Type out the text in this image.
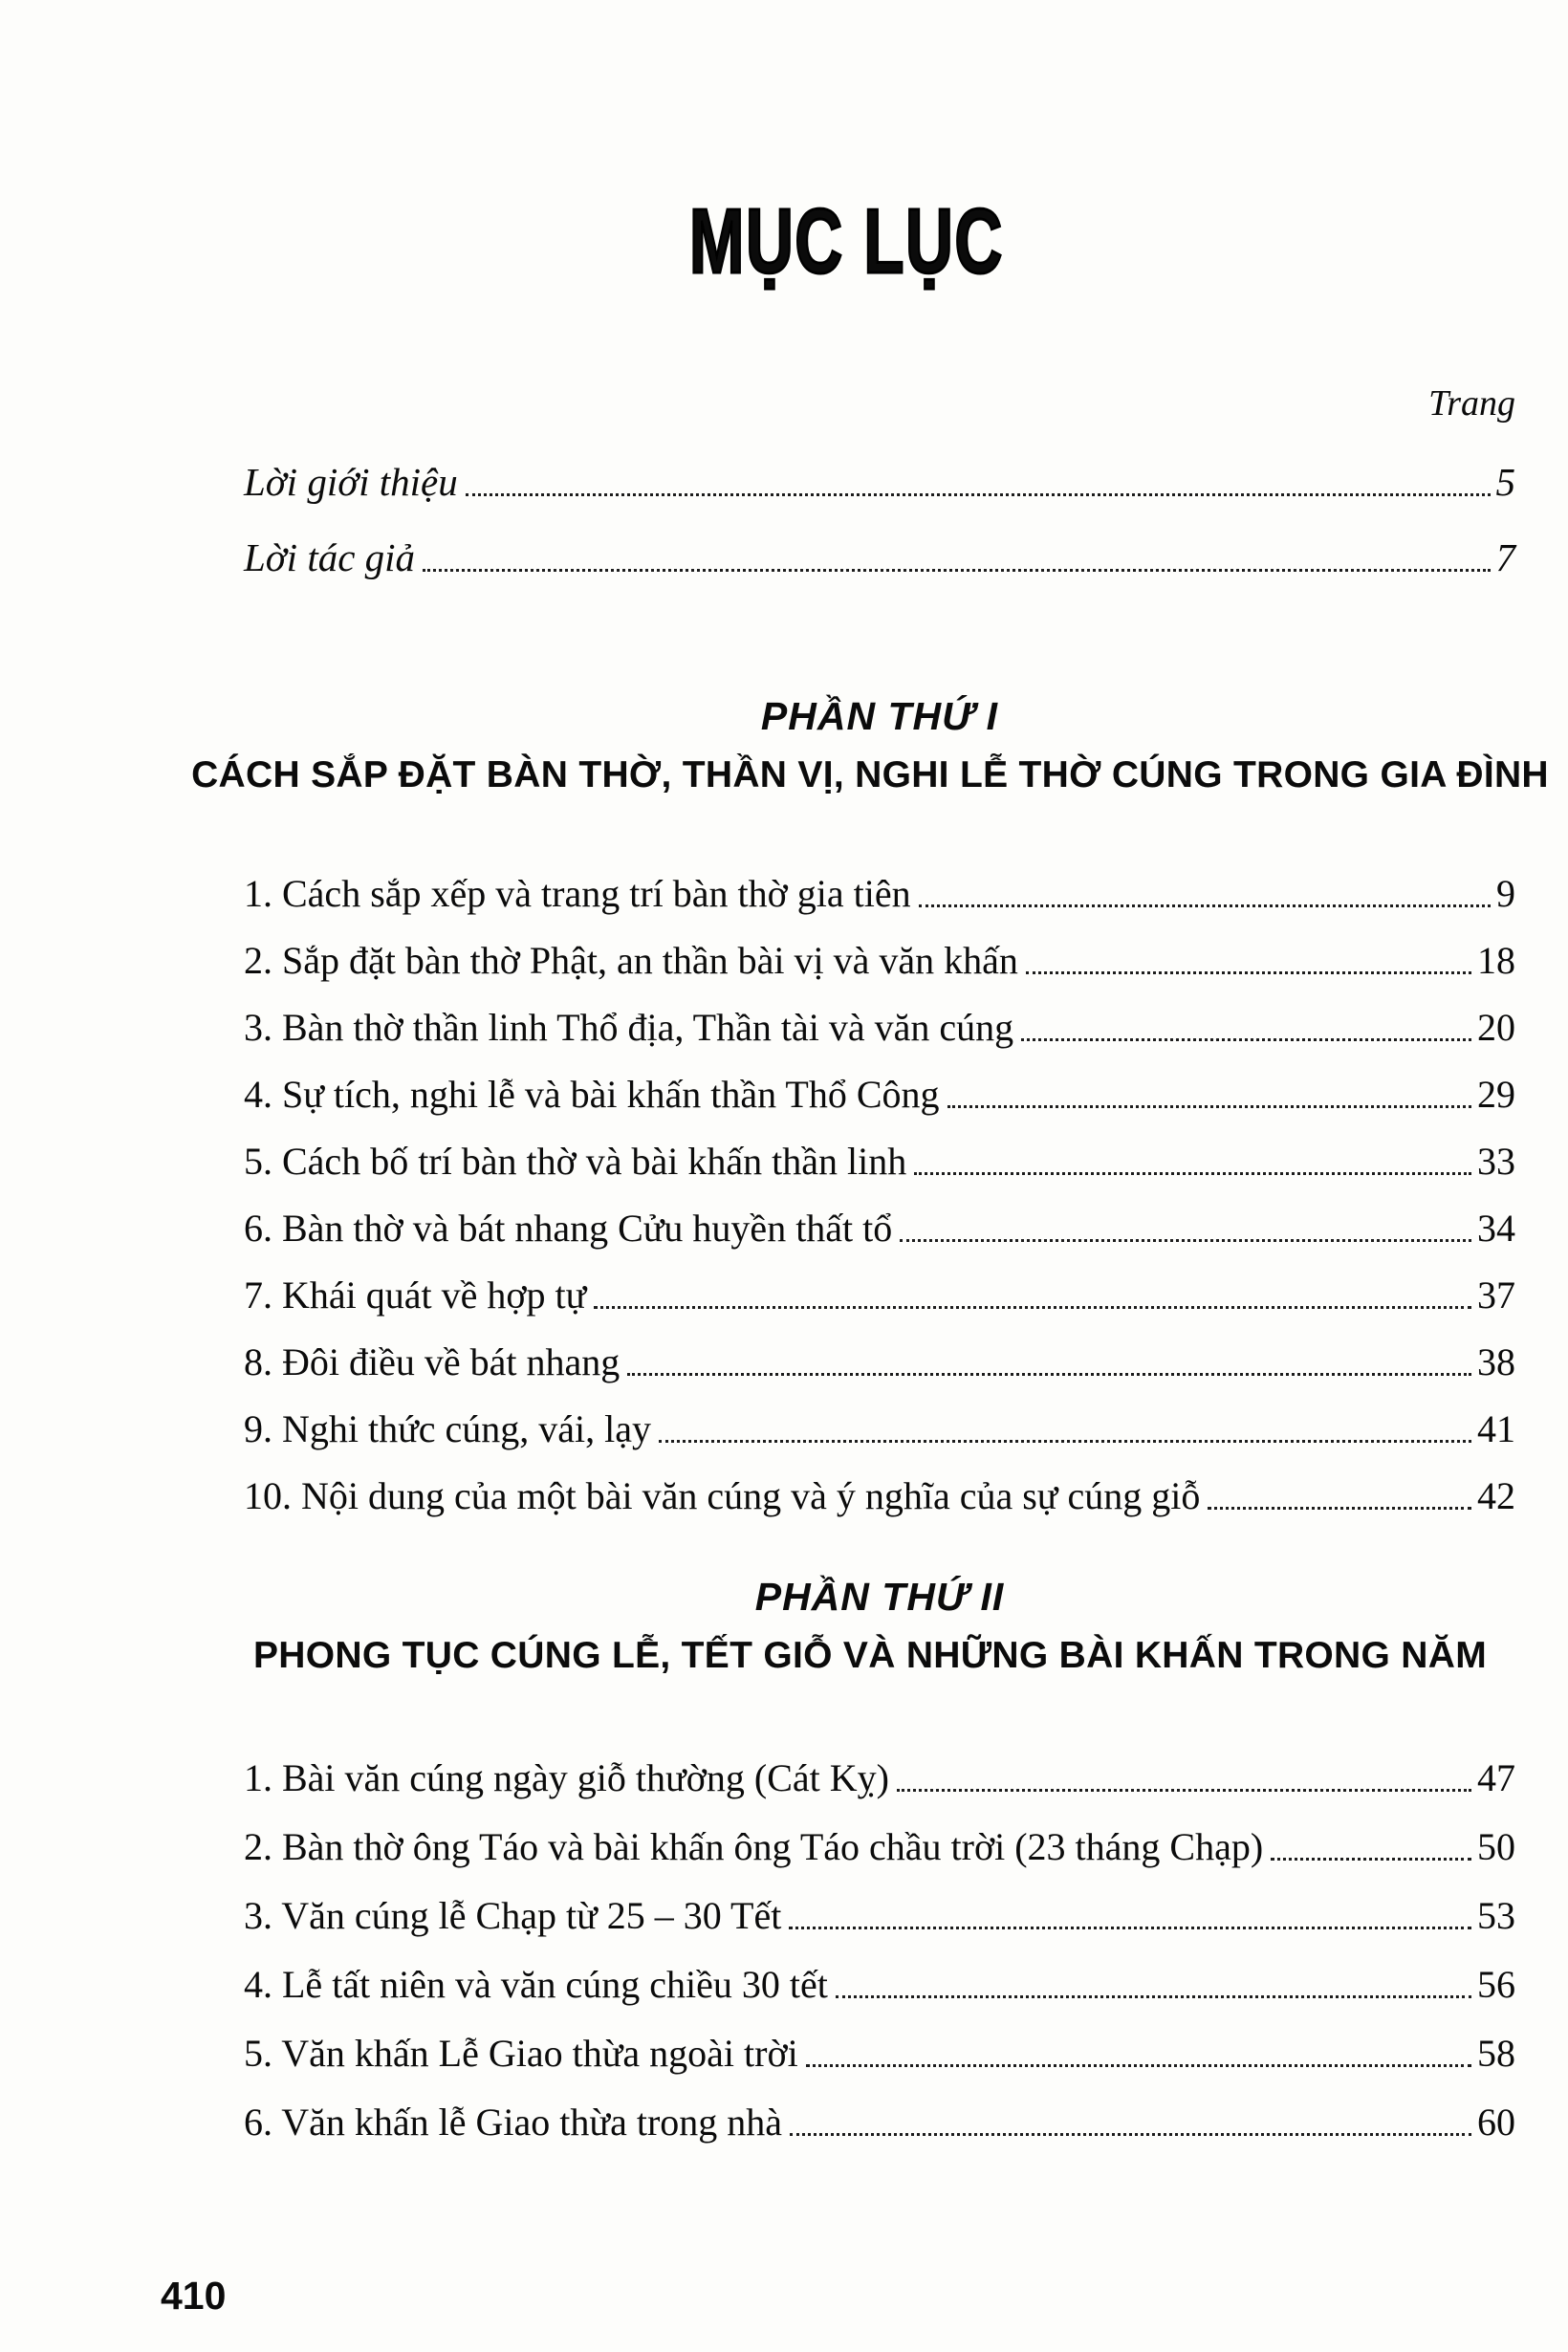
MỤC LỤC
Trang
Lời giới thiệu	5
Lời tác giả	7
PHẦN THỨ I
CÁCH SẮP ĐẶT BÀN THỜ, THẦN VỊ, NGHI LỄ THỜ CÚNG TRONG GIA ĐÌNH
1. Cách sắp xếp và trang trí bàn thờ gia tiên	9
2. Sắp đặt bàn thờ Phật, an thần bài vị và văn khấn	18
3. Bàn thờ thần linh Thổ địa, Thần tài và văn cúng	20
4. Sự tích, nghi lễ và bài khấn thần Thổ Công	29
5. Cách bố trí bàn thờ và bài khấn thần linh	33
6. Bàn thờ và bát nhang Cửu huyền thất tổ	34
7. Khái quát về hợp tự	37
8. Đôi điều về bát nhang	38
9. Nghi thức cúng, vái, lạy	41
10. Nội dung của một bài văn cúng và ý nghĩa của sự cúng giỗ	42
PHẦN THỨ II
PHONG TỤC CÚNG LỄ, TẾT GIỖ VÀ NHỮNG BÀI KHẤN TRONG NĂM
1. Bài văn cúng ngày giỗ thường (Cát Kỵ)	47
2. Bàn thờ ông Táo và bài khấn ông Táo chầu trời (23 tháng Chạp)	50
3. Văn cúng lễ Chạp từ 25 – 30 Tết	53
4. Lễ tất niên và văn cúng chiều 30 tết	56
5. Văn khấn Lễ Giao thừa ngoài trời	58
6. Văn khấn lễ Giao thừa trong nhà	60
410
